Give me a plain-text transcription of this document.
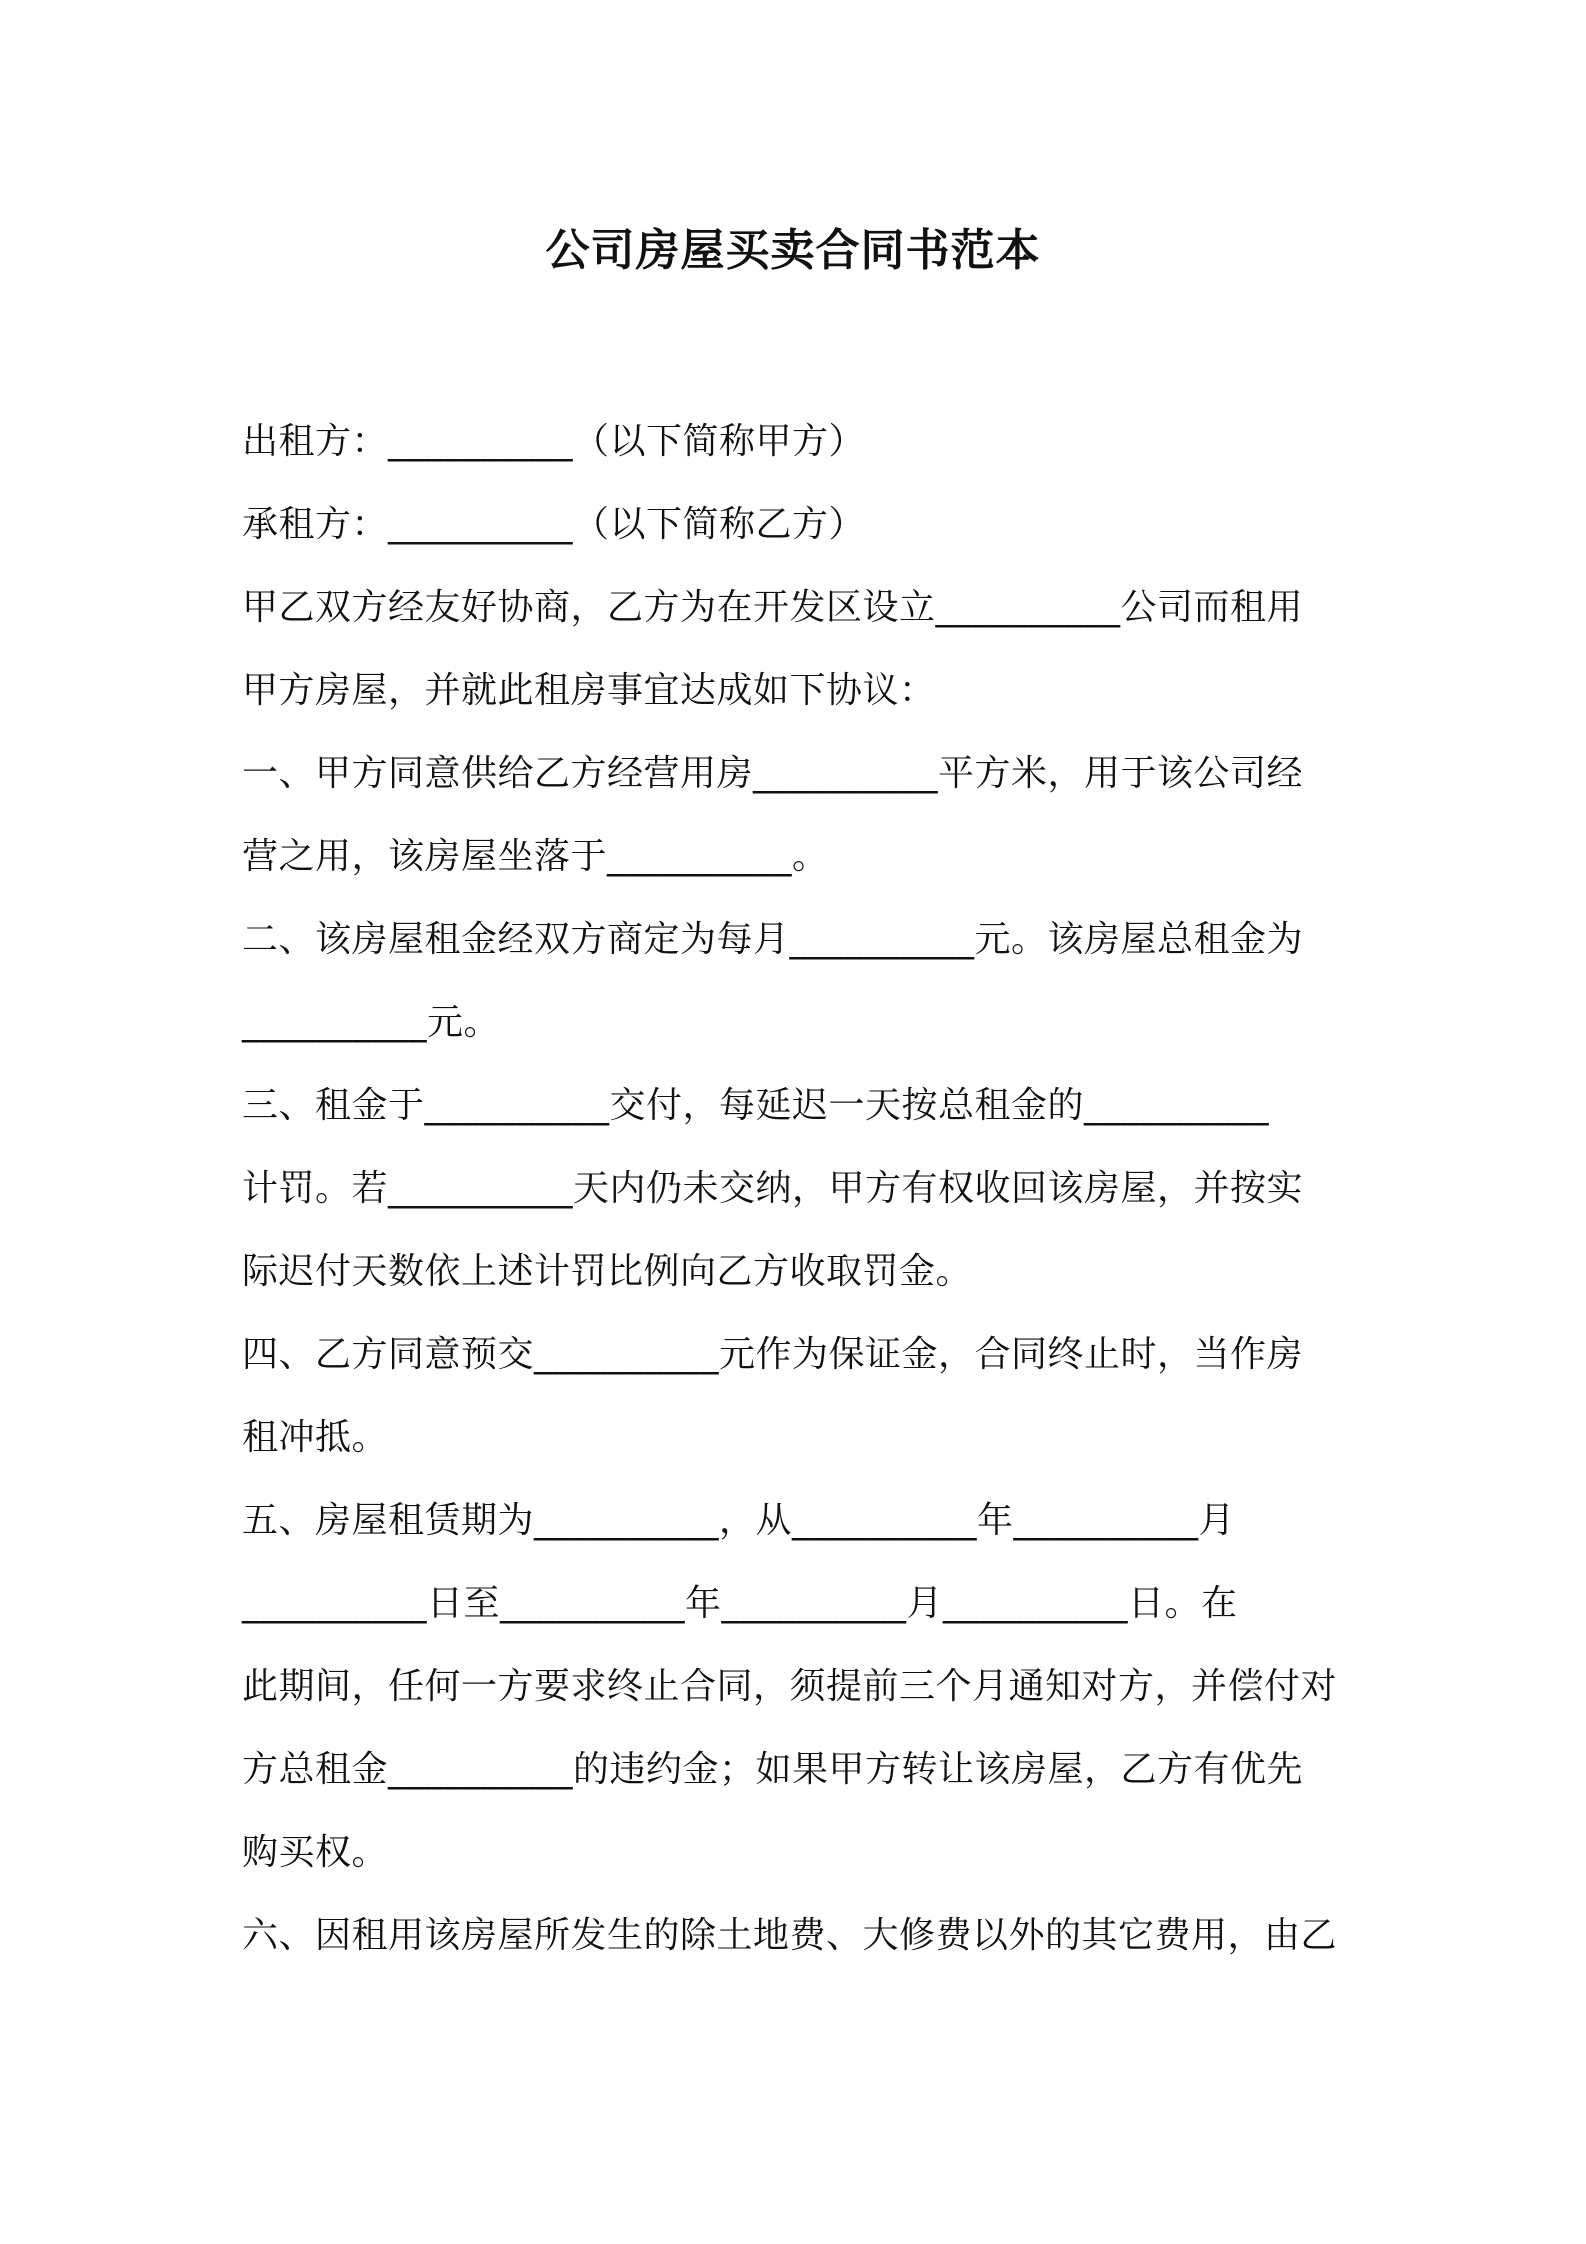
公司房屋买卖合同书范本
出租方：__________（以下简称甲方）
承租方：__________（以下简称乙方）
甲乙双方经友好协商，乙方为在开发区设立__________公司而租用
甲方房屋，并就此租房事宜达成如下协议：
一、甲方同意供给乙方经营用房__________平方米，用于该公司经
营之用，该房屋坐落于__________。
二、该房屋租金经双方商定为每月__________元。该房屋总租金为
__________元。
三、租金于__________交付，每延迟一天按总租金的__________
计罚。若__________天内仍未交纳，甲方有权收回该房屋，并按实
际迟付天数依上述计罚比例向乙方收取罚金。
四、乙方同意预交__________元作为保证金，合同终止时，当作房
租冲抵。
五、房屋租赁期为__________，从__________年__________月
__________日至__________年__________月__________日。在
此期间，任何一方要求终止合同，须提前三个月通知对方，并偿付对
方总租金__________的违约金；如果甲方转让该房屋，乙方有优先
购买权。
六、因租用该房屋所发生的除土地费、大修费以外的其它费用，由乙
